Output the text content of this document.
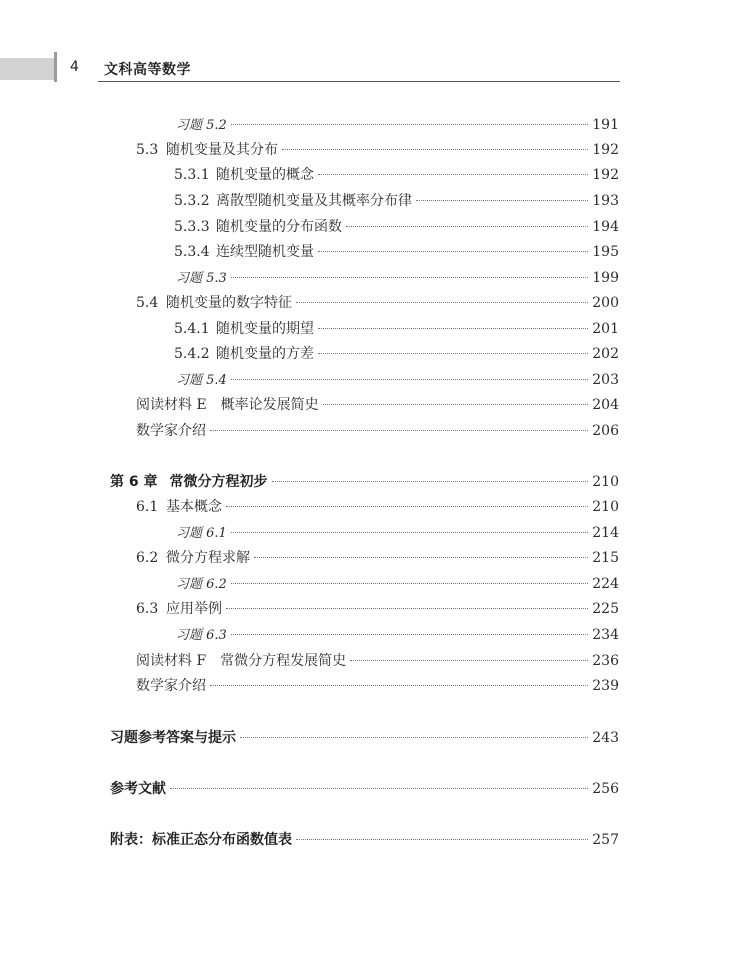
4 文科高等数学
习题 5.2	191
5.3 随机变量及其分布	192
5.3.1 随机变量的概念	192
5.3.2 离散型随机变量及其概率分布律	193
5.3.3 随机变量的分布函数	194
5.3.4 连续型随机变量	195
习题 5.3	199
5.4 随机变量的数字特征	200
5.4.1 随机变量的期望	201
5.4.2 随机变量的方差	202
习题 5.4	203
阅读材料 E　概率论发展简史	204
数学家介绍	206
第 6 章 常微分方程初步	210
6.1 基本概念	210
习题 6.1	214
6.2 微分方程求解	215
习题 6.2	224
6.3 应用举例	225
习题 6.3	234
阅读材料 F　常微分方程发展简史	236
数学家介绍	239
习题参考答案与提示	243
参考文献	256
附表：标准正态分布函数值表	257
